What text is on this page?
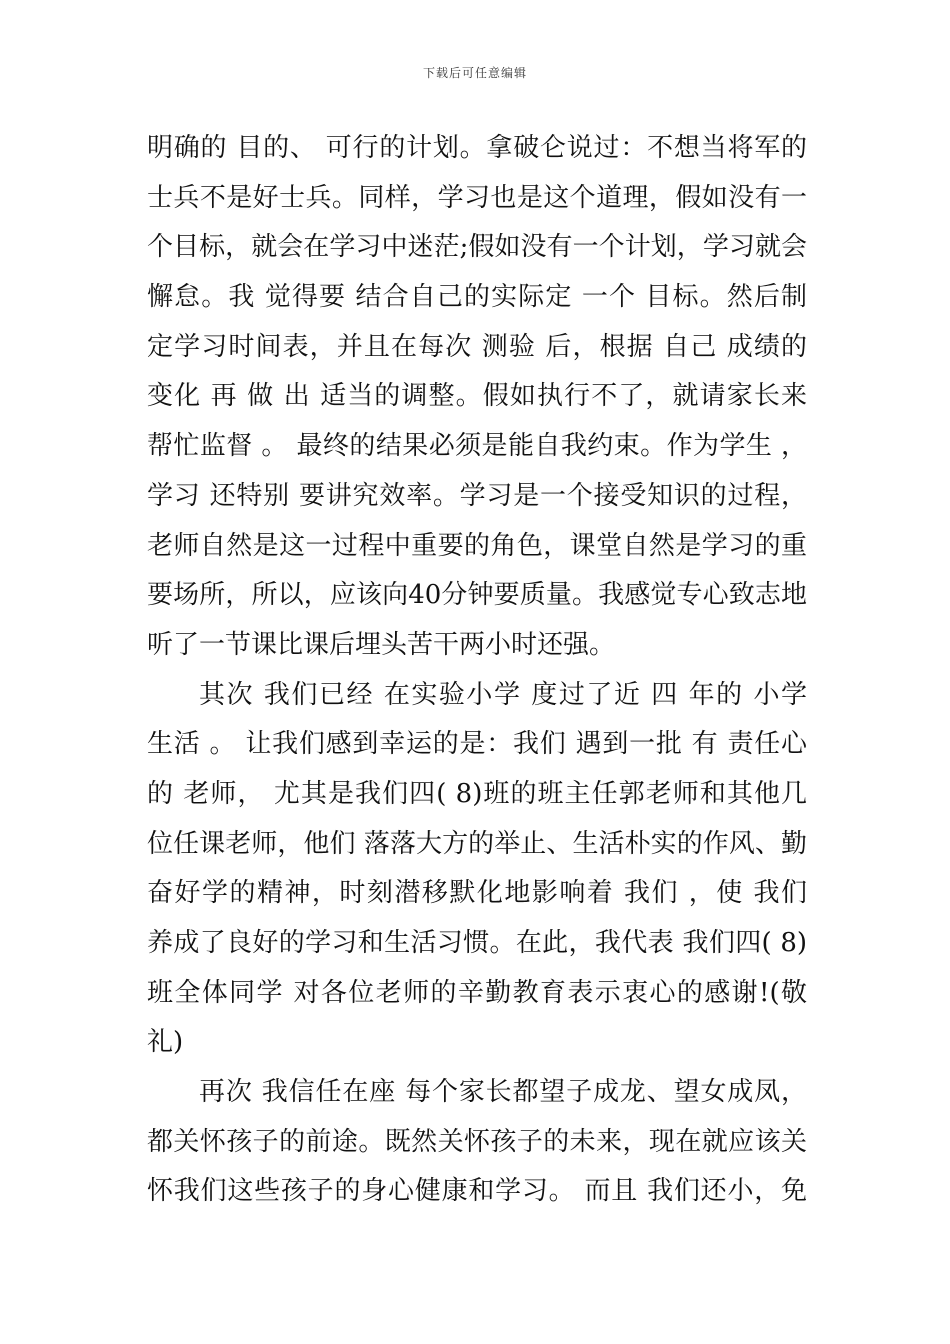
下载后可任意编辑
明确的 目的、 可行的计划。拿破仑说过：不想当将军的
士兵不是好士兵。同样，学习也是这个道理，假如没有一
个目标，就会在学习中迷茫;假如没有一个计划，学习就会
懈怠。我 觉得要 结合自己的实际定 一个 目标。然后制
定学习时间表，并且在每次 测验 后，根据 自己 成绩的
变化 再 做 出 适当的调整。假如执行不了，就请家长来
帮忙监督 。 最终的结果必须是能自我约束。作为学生 ，
学习 还特别 要讲究效率。学习是一个接受知识的过程，
老师自然是这一过程中重要的角色，课堂自然是学习的重
要场所，所以，应该向40分钟要质量。我感觉专心致志地
听了一节课比课后埋头苦干两小时还强。
其次 我们已经 在实验小学 度过了近 四 年的 小学
生活 。 让我们感到幸运的是：我们 遇到一批 有 责任心
的 老师， 尤其是我们四( 8)班的班主任郭老师和其他几
位任课老师，他们 落落大方的举止、生活朴实的作风、勤
奋好学的精神，时刻潜移默化地影响着 我们 ，使 我们
养成了良好的学习和生活习惯。在此，我代表 我们四( 8)
班全体同学 对各位老师的辛勤教育表示衷心的感谢!(敬
礼)
再次 我信任在座 每个家长都望子成龙、望女成凤，
都关怀孩子的前途。既然关怀孩子的未来，现在就应该关
怀我们这些孩子的身心健康和学习。 而且 我们还小，免
